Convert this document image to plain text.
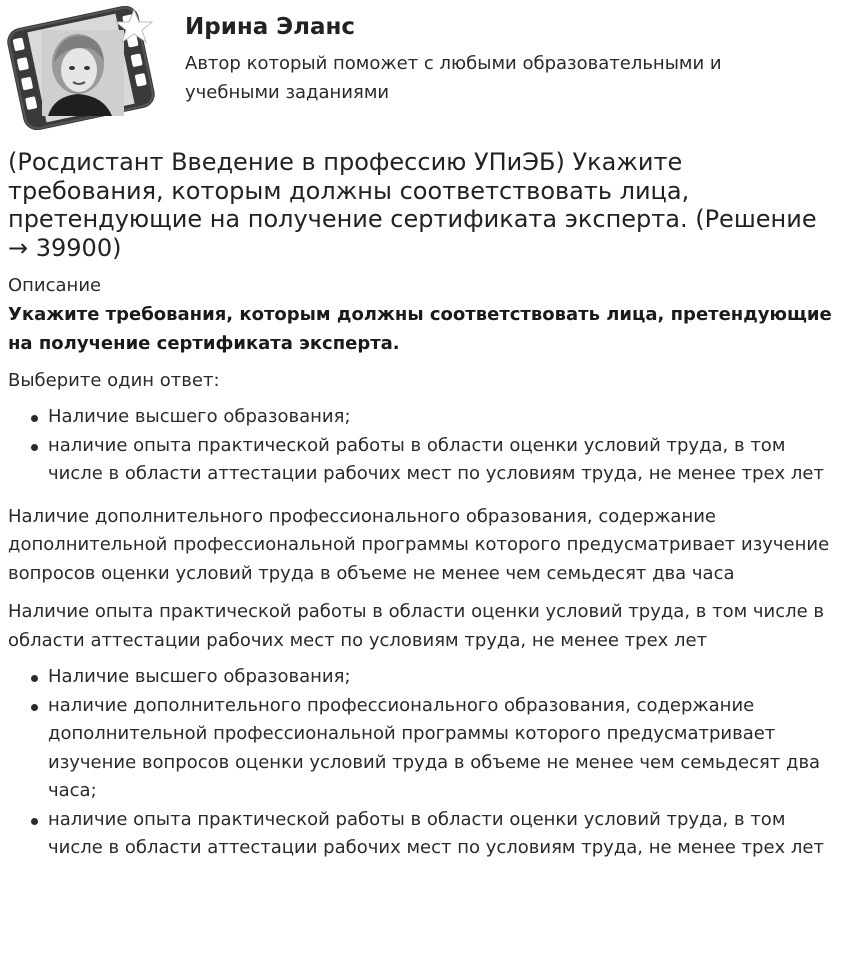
Ирина Эланс

Автор который поможет с любыми образовательными и учебными заданиями

(Росдистант Введение в профессию УПиЭБ) Укажите требования, которым должны соответствовать лица, претендующие на получение сертификата эксперта. (Решение → 39900)

Описание

Укажите требования, которым должны соответствовать лица, претендующие на получение сертификата эксперта.

Выберите один ответ:

Наличие высшего образования;
наличие опыта практической работы в области оценки условий труда, в том числе в области аттестации рабочих мест по условиям труда, не менее трех лет

Наличие дополнительного профессионального образования, содержание дополнительной профессиональной программы которого предусматривает изучение вопросов оценки условий труда в объеме не менее чем семьдесят два часа

Наличие опыта практической работы в области оценки условий труда, в том числе в области аттестации рабочих мест по условиям труда, не менее трех лет

Наличие высшего образования;
наличие дополнительного профессионального образования, содержание дополнительной профессиональной программы которого предусматривает изучение вопросов оценки условий труда в объеме не менее чем семьдесят два часа;
наличие опыта практической работы в области оценки условий труда, в том числе в области аттестации рабочих мест по условиям труда, не менее трех лет
